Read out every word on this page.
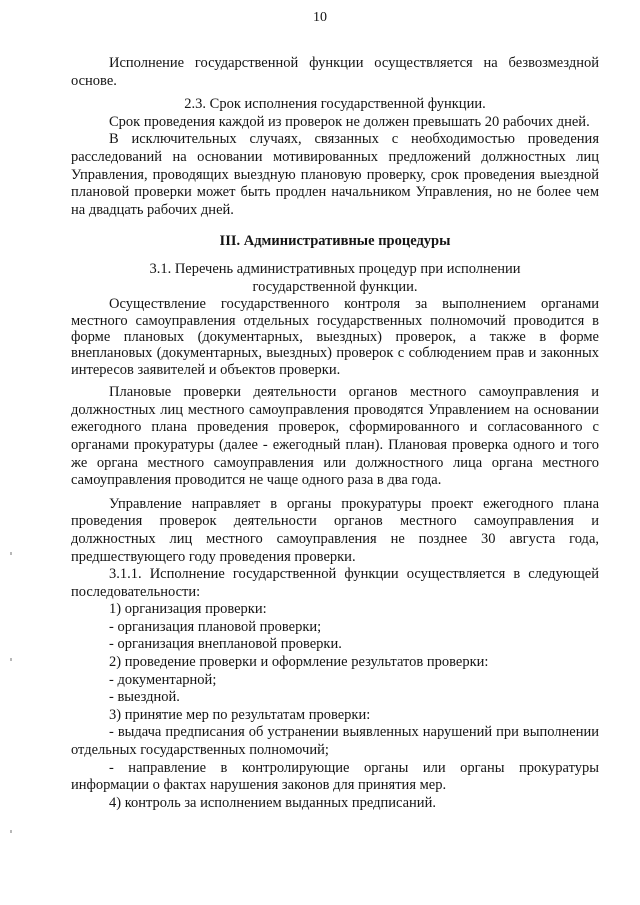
10

Исполнение государственной функции осуществляется на безвозмездной основе.

2.3. Срок исполнения государственной функции.

Срок проведения каждой из проверок не должен превышать 20 рабочих дней.

В исключительных случаях, связанных с необходимостью проведения расследований на основании мотивированных предложений должностных лиц Управления, проводящих выездную плановую проверку, срок проведения выездной плановой проверки может быть продлен начальником Управления, но не более чем на двадцать рабочих дней.

III. Административные процедуры

3.1. Перечень административных процедур при исполнении

государственной функции.

Осуществление государственного контроля за выполнением органами местного самоуправления отдельных государственных полномочий проводится в форме плановых (документарных, выездных) проверок, а также в форме внеплановых (документарных, выездных) проверок с соблюдением прав и законных интересов заявителей и объектов проверки.

Плановые проверки деятельности органов местного самоуправления и должностных лиц местного самоуправления проводятся Управлением на основании ежегодного плана проведения проверок, сформированного и согласованного с органами прокуратуры (далее - ежегодный план). Плановая проверка одного и того же органа местного самоуправления или должностного лица органа местного самоуправления проводится не чаще одного раза в два года.

Управление направляет в органы прокуратуры проект ежегодного плана проведения проверок деятельности органов местного самоуправления и должностных лиц местного самоуправления не позднее 30 августа года, предшествующего году проведения проверки.

3.1.1. Исполнение государственной функции осуществляется в следующей последовательности:

1) организация проверки:

- организация плановой проверки;

- организация внеплановой проверки.

2) проведение проверки и оформление результатов проверки:

- документарной;

- выездной.

3) принятие мер по результатам проверки:

- выдача предписания об устранении выявленных нарушений при выполнении отдельных государственных полномочий;

- направление в контролирующие органы или органы прокуратуры информации о фактах нарушения законов для принятия мер.

4) контроль за исполнением выданных предписаний.
